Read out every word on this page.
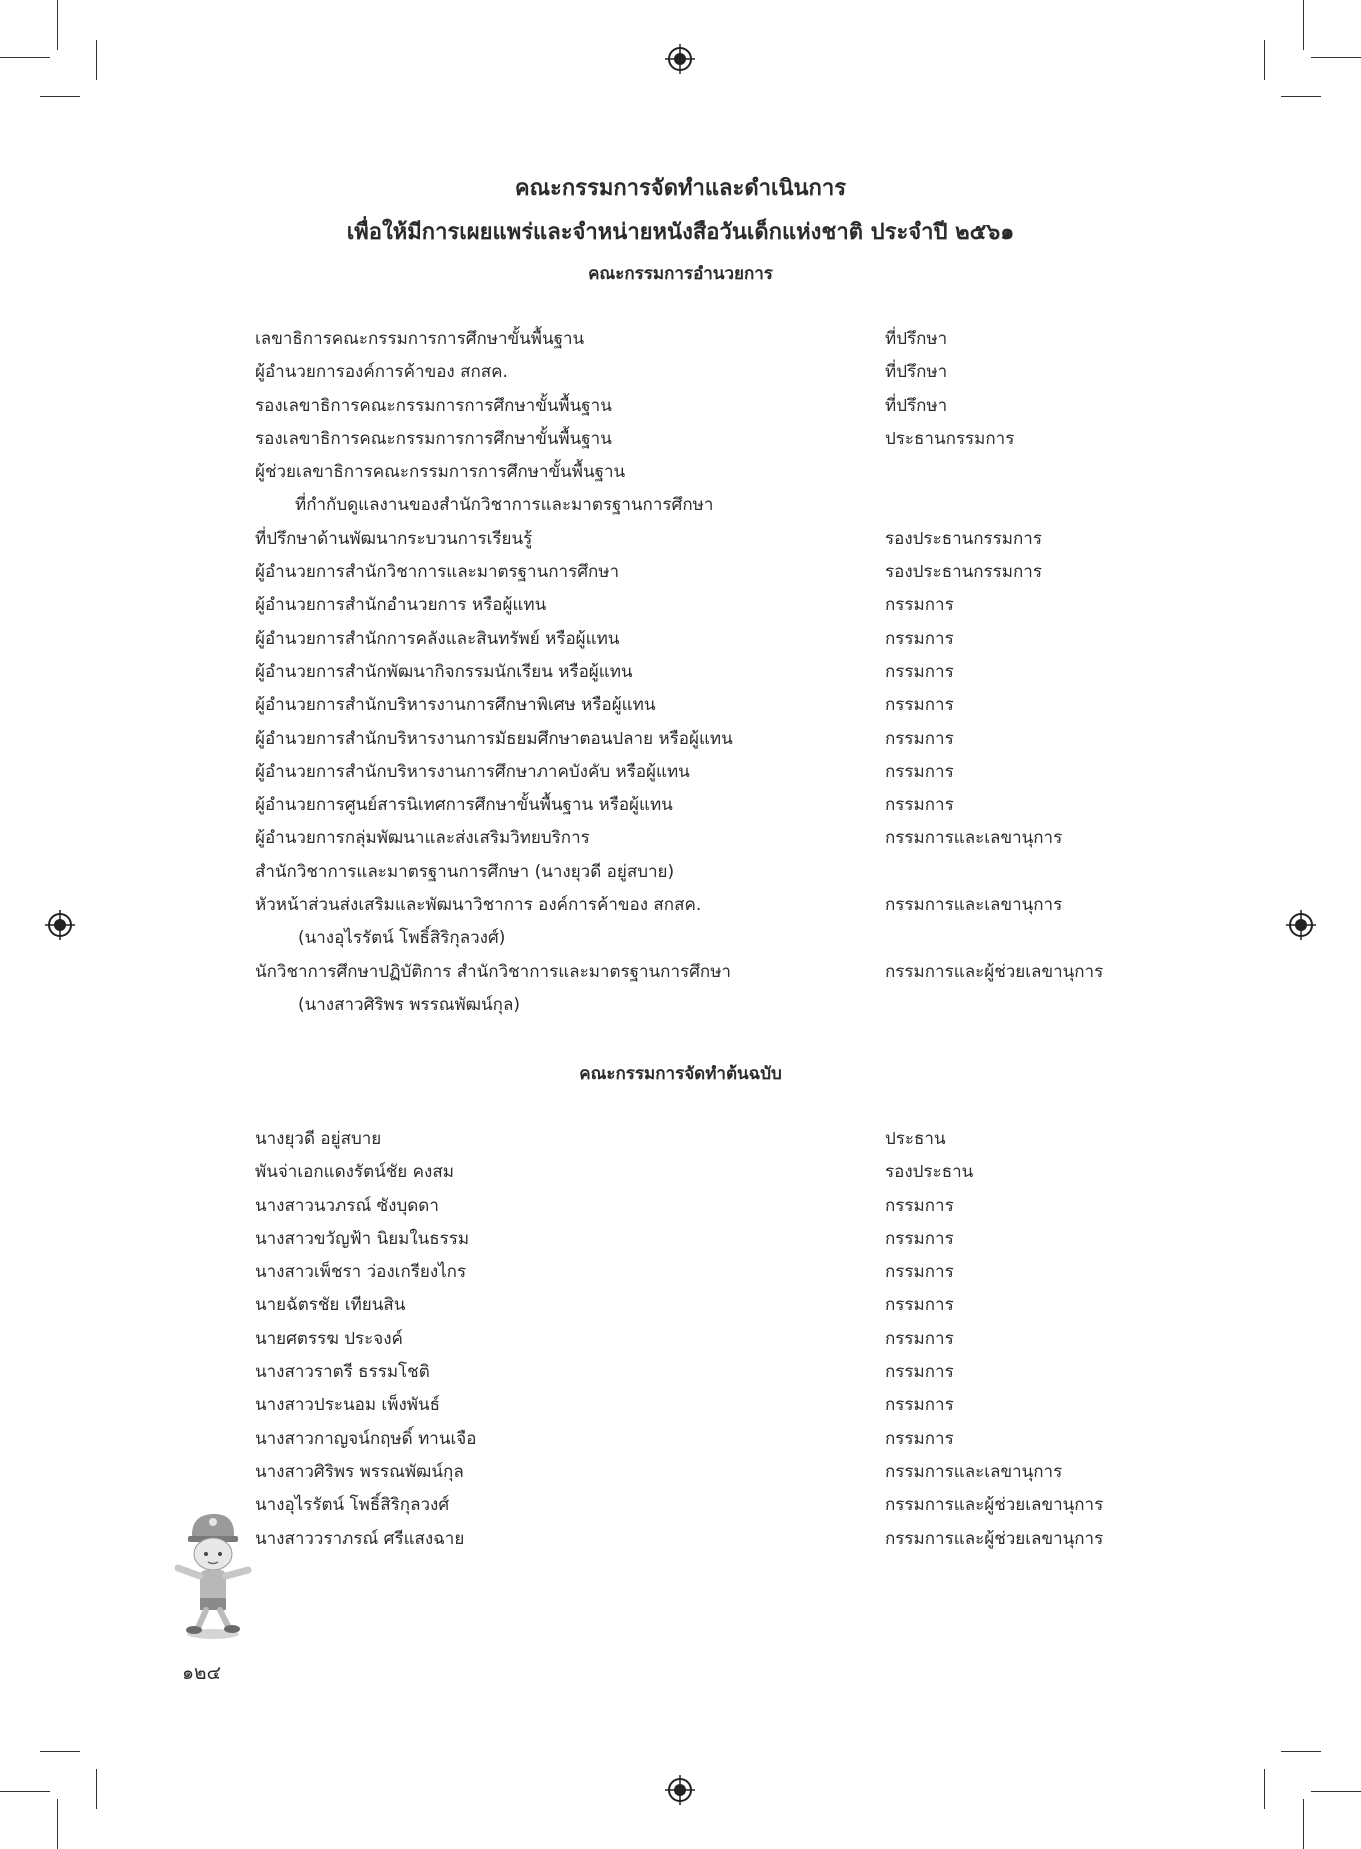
คณะกรรมการจัดทำและดำเนินการ
เพื่อให้มีการเผยแพร่และจำหน่ายหนังสือวันเด็กแห่งชาติ ประจำปี ๒๕๖๑
คณะกรรมการอำนวยการ
เลขาธิการคณะกรรมการการศึกษาขั้นพื้นฐาน	ที่ปรึกษา
ผู้อำนวยการองค์การค้าของ สกสค.	ที่ปรึกษา
รองเลขาธิการคณะกรรมการการศึกษาขั้นพื้นฐาน	ที่ปรึกษา
รองเลขาธิการคณะกรรมการการศึกษาขั้นพื้นฐาน	ประธานกรรมการ
ผู้ช่วยเลขาธิการคณะกรรมการการศึกษาขั้นพื้นฐาน
ที่กำกับดูแลงานของสำนักวิชาการและมาตรฐานการศึกษา
ที่ปรึกษาด้านพัฒนากระบวนการเรียนรู้	รองประธานกรรมการ
ผู้อำนวยการสำนักวิชาการและมาตรฐานการศึกษา	รองประธานกรรมการ
ผู้อำนวยการสำนักอำนวยการ หรือผู้แทน	กรรมการ
ผู้อำนวยการสำนักการคลังและสินทรัพย์ หรือผู้แทน	กรรมการ
ผู้อำนวยการสำนักพัฒนากิจกรรมนักเรียน หรือผู้แทน	กรรมการ
ผู้อำนวยการสำนักบริหารงานการศึกษาพิเศษ หรือผู้แทน	กรรมการ
ผู้อำนวยการสำนักบริหารงานการมัธยมศึกษาตอนปลาย หรือผู้แทน	กรรมการ
ผู้อำนวยการสำนักบริหารงานการศึกษาภาคบังคับ หรือผู้แทน	กรรมการ
ผู้อำนวยการศูนย์สารนิเทศการศึกษาขั้นพื้นฐาน หรือผู้แทน	กรรมการ
ผู้อำนวยการกลุ่มพัฒนาและส่งเสริมวิทยบริการ	กรรมการและเลขานุการ
สำนักวิชาการและมาตรฐานการศึกษา (นางยุวดี อยู่สบาย)
หัวหน้าส่วนส่งเสริมและพัฒนาวิชาการ องค์การค้าของ สกสค.	กรรมการและเลขานุการ
(นางอุไรรัตน์ โพธิ์สิริกุลวงศ์)
นักวิชาการศึกษาปฏิบัติการ สำนักวิชาการและมาตรฐานการศึกษา	กรรมการและผู้ช่วยเลขานุการ
(นางสาวศิริพร พรรณพัฒน์กุล)
คณะกรรมการจัดทำต้นฉบับ
นางยุวดี อยู่สบาย	ประธาน
พันจ่าเอกแดงรัตน์ชัย คงสม	รองประธาน
นางสาวนวภรณ์ ซังบุดดา	กรรมการ
นางสาวขวัญฟ้า นิยมในธรรม	กรรมการ
นางสาวเพ็ชรา ว่องเกรียงไกร	กรรมการ
นายฉัตรชัย เทียนสิน	กรรมการ
นายศตรรฆ ประจงค์	กรรมการ
นางสาวราตรี ธรรมโชติ	กรรมการ
นางสาวประนอม เพ็งพันธ์	กรรมการ
นางสาวกาญจน์กฤษดิ์ ทานเจือ	กรรมการ
นางสาวศิริพร พรรณพัฒน์กุล	กรรมการและเลขานุการ
นางอุไรรัตน์ โพธิ์สิริกุลวงศ์	กรรมการและผู้ช่วยเลขานุการ
นางสาววราภรณ์ ศรีแสงฉาย	กรรมการและผู้ช่วยเลขานุการ
๑๒๔
